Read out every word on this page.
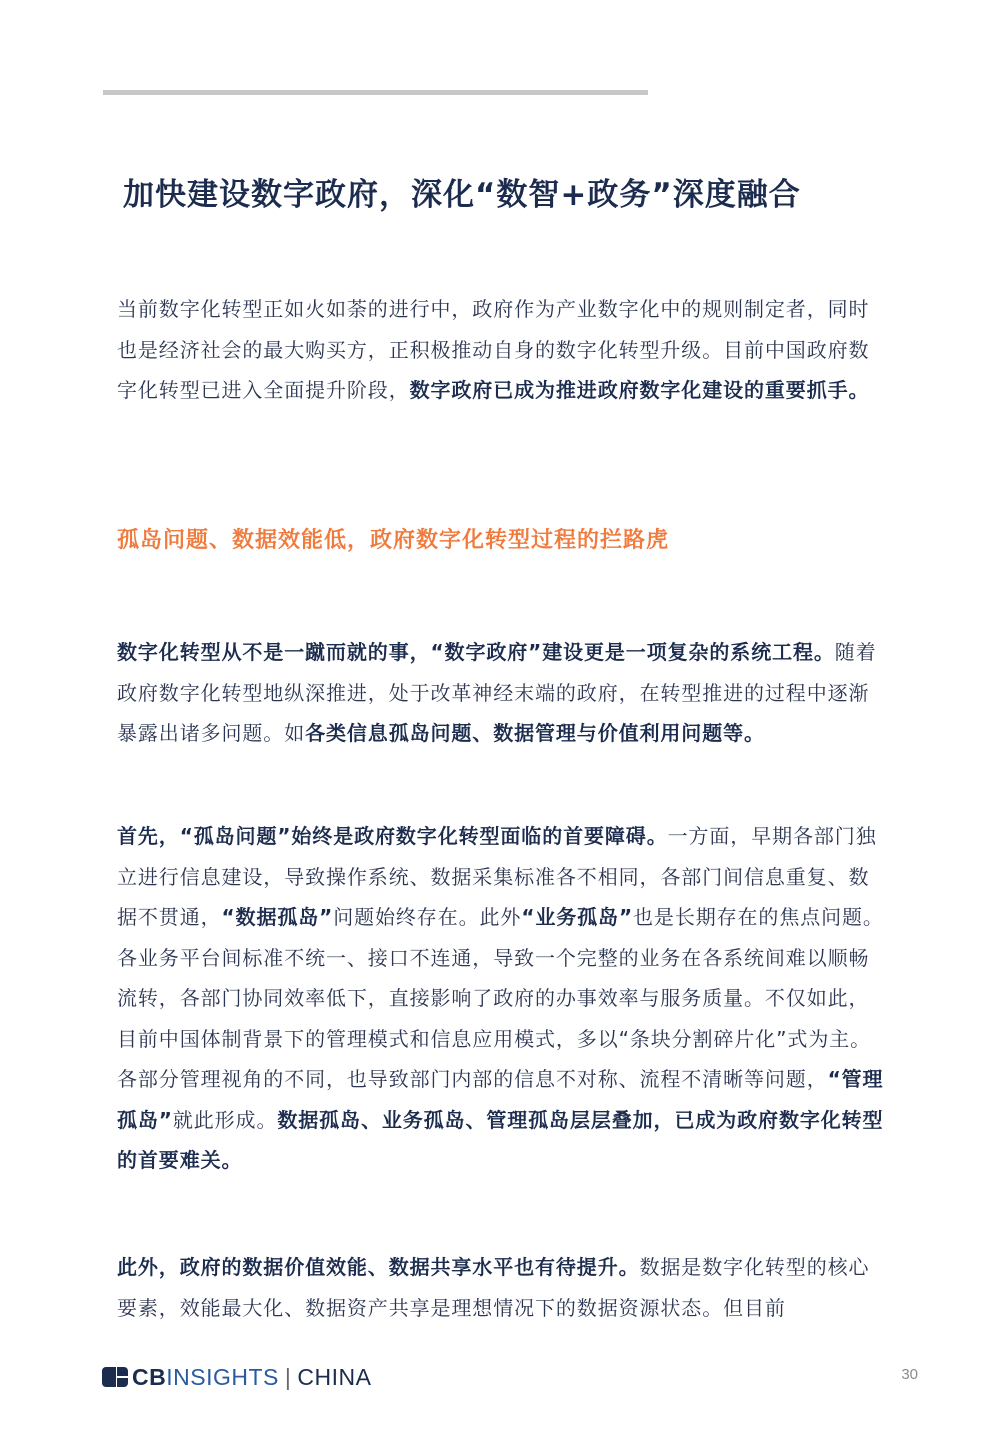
加快建设数字政府，深化“数智+政务”深度融合
当前数字化转型正如火如荼的进行中，政府作为产业数字化中的规则制定者，同时也是经济社会的最大购买方，正积极推动自身的数字化转型升级。目前中国政府数字化转型已进入全面提升阶段，数字政府已成为推进政府数字化建设的重要抓手。
孤岛问题、数据效能低，政府数字化转型过程的拦路虎
数字化转型从不是一蹴而就的事，“数字政府”建设更是一项复杂的系统工程。随着政府数字化转型地纵深推进，处于改革神经末端的政府，在转型推进的过程中逐渐暴露出诸多问题。如各类信息孤岛问题、数据管理与价值利用问题等。
首先，“孤岛问题”始终是政府数字化转型面临的首要障碍。一方面，早期各部门独立进行信息建设，导致操作系统、数据采集标准各不相同，各部门间信息重复、数据不贯通，“数据孤岛”问题始终存在。此外“业务孤岛”也是长期存在的焦点问题。各业务平台间标准不统一、接口不连通，导致一个完整的业务在各系统间难以顺畅流转，各部门协同效率低下，直接影响了政府的办事效率与服务质量。不仅如此，目前中国体制背景下的管理模式和信息应用模式，多以“条块分割碎片化”式为主。各部分管理视角的不同，也导致部门内部的信息不对称、流程不清晰等问题，“管理孤岛”就此形成。数据孤岛、业务孤岛、管理孤岛层层叠加，已成为政府数字化转型的首要难关。
此外，政府的数据价值效能、数据共享水平也有待提升。数据是数字化转型的核心要素，效能最大化、数据资产共享是理想情况下的数据资源状态。但目前
CBINSIGHTS | CHINA	30
